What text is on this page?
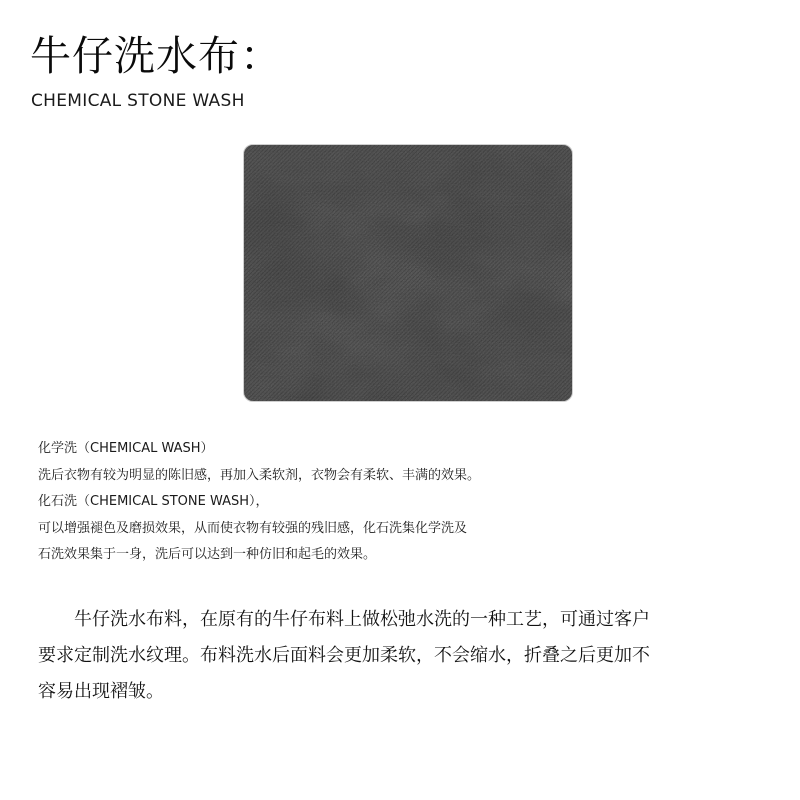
牛仔洗水布：
CHEMICAL STONE WASH
化学洗（CHEMICAL WASH）
洗后衣物有较为明显的陈旧感，再加入柔软剂，衣物会有柔软、丰满的效果。
化石洗（CHEMICAL STONE WASH），
可以增强褪色及磨损效果，从而使衣物有较强的残旧感，化石洗集化学洗及
石洗效果集于一身，洗后可以达到一种仿旧和起毛的效果。
牛仔洗水布料，在原有的牛仔布料上做松弛水洗的一种工艺，可通过客户
要求定制洗水纹理。布料洗水后面料会更加柔软，不会缩水，折叠之后更加不
容易出现褶皱。
